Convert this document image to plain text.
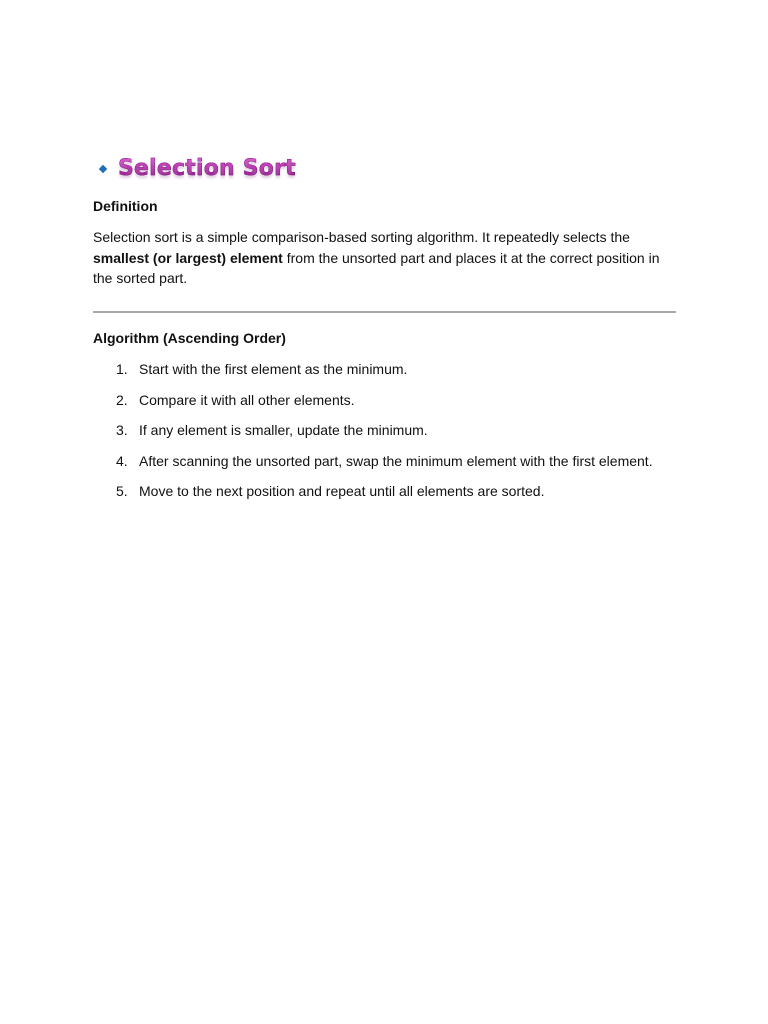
Selection Sort
Definition

Selection sort is a simple comparison-based sorting algorithm. It repeatedly selects the smallest (or largest) element from the unsorted part and places it at the correct position in the sorted part.

Algorithm (Ascending Order)
1. Start with the first element as the minimum.
2. Compare it with all other elements.
3. If any element is smaller, update the minimum.
4. After scanning the unsorted part, swap the minimum element with the first element.
5. Move to the next position and repeat until all elements are sorted.
